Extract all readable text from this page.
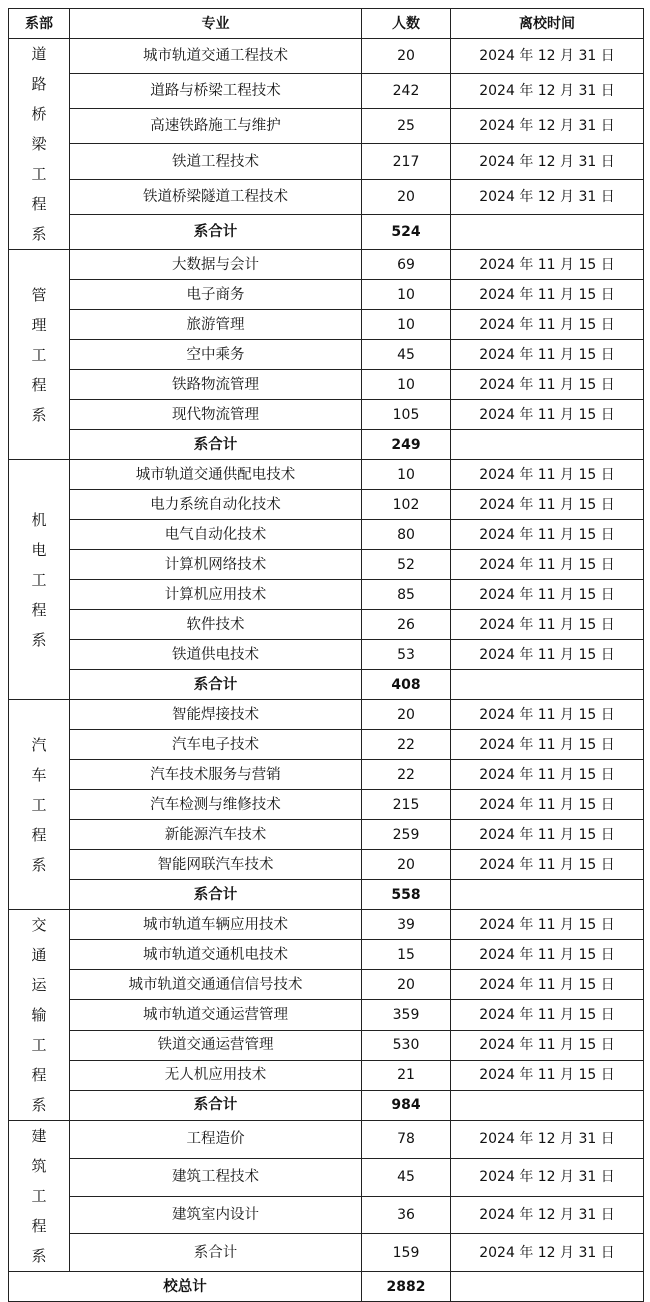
系部	专业	人数	离校时间

道路桥梁工程系	城市轨道交通工程技术	20	2024 年 12 月 31 日
	道路与桥梁工程技术	242	2024 年 12 月 31 日
	高速铁路施工与维护	25	2024 年 12 月 31 日
	铁道工程技术	217	2024 年 12 月 31 日
	铁道桥梁隧道工程技术	20	2024 年 12 月 31 日
	系合计	524	

管理工程系	大数据与会计	69	2024 年 11 月 15 日
	电子商务	10	2024 年 11 月 15 日
	旅游管理	10	2024 年 11 月 15 日
	空中乘务	45	2024 年 11 月 15 日
	铁路物流管理	10	2024 年 11 月 15 日
	现代物流管理	105	2024 年 11 月 15 日
	系合计	249	

机电工程系	城市轨道交通供配电技术	10	2024 年 11 月 15 日
	电力系统自动化技术	102	2024 年 11 月 15 日
	电气自动化技术	80	2024 年 11 月 15 日
	计算机网络技术	52	2024 年 11 月 15 日
	计算机应用技术	85	2024 年 11 月 15 日
	软件技术	26	2024 年 11 月 15 日
	铁道供电技术	53	2024 年 11 月 15 日
	系合计	408	

汽车工程系	智能焊接技术	20	2024 年 11 月 15 日
	汽车电子技术	22	2024 年 11 月 15 日
	汽车技术服务与营销	22	2024 年 11 月 15 日
	汽车检测与维修技术	215	2024 年 11 月 15 日
	新能源汽车技术	259	2024 年 11 月 15 日
	智能网联汽车技术	20	2024 年 11 月 15 日
	系合计	558	

交通运输工程系	城市轨道车辆应用技术	39	2024 年 11 月 15 日
	城市轨道交通机电技术	15	2024 年 11 月 15 日
	城市轨道交通通信信号技术	20	2024 年 11 月 15 日
	城市轨道交通运营管理	359	2024 年 11 月 15 日
	铁道交通运营管理	530	2024 年 11 月 15 日
	无人机应用技术	21	2024 年 11 月 15 日
	系合计	984	

建筑工程系	工程造价	78	2024 年 12 月 31 日
	建筑工程技术	45	2024 年 12 月 31 日
	建筑室内设计	36	2024 年 12 月 31 日
	系合计	159	2024 年 12 月 31 日
校总计		2882	
